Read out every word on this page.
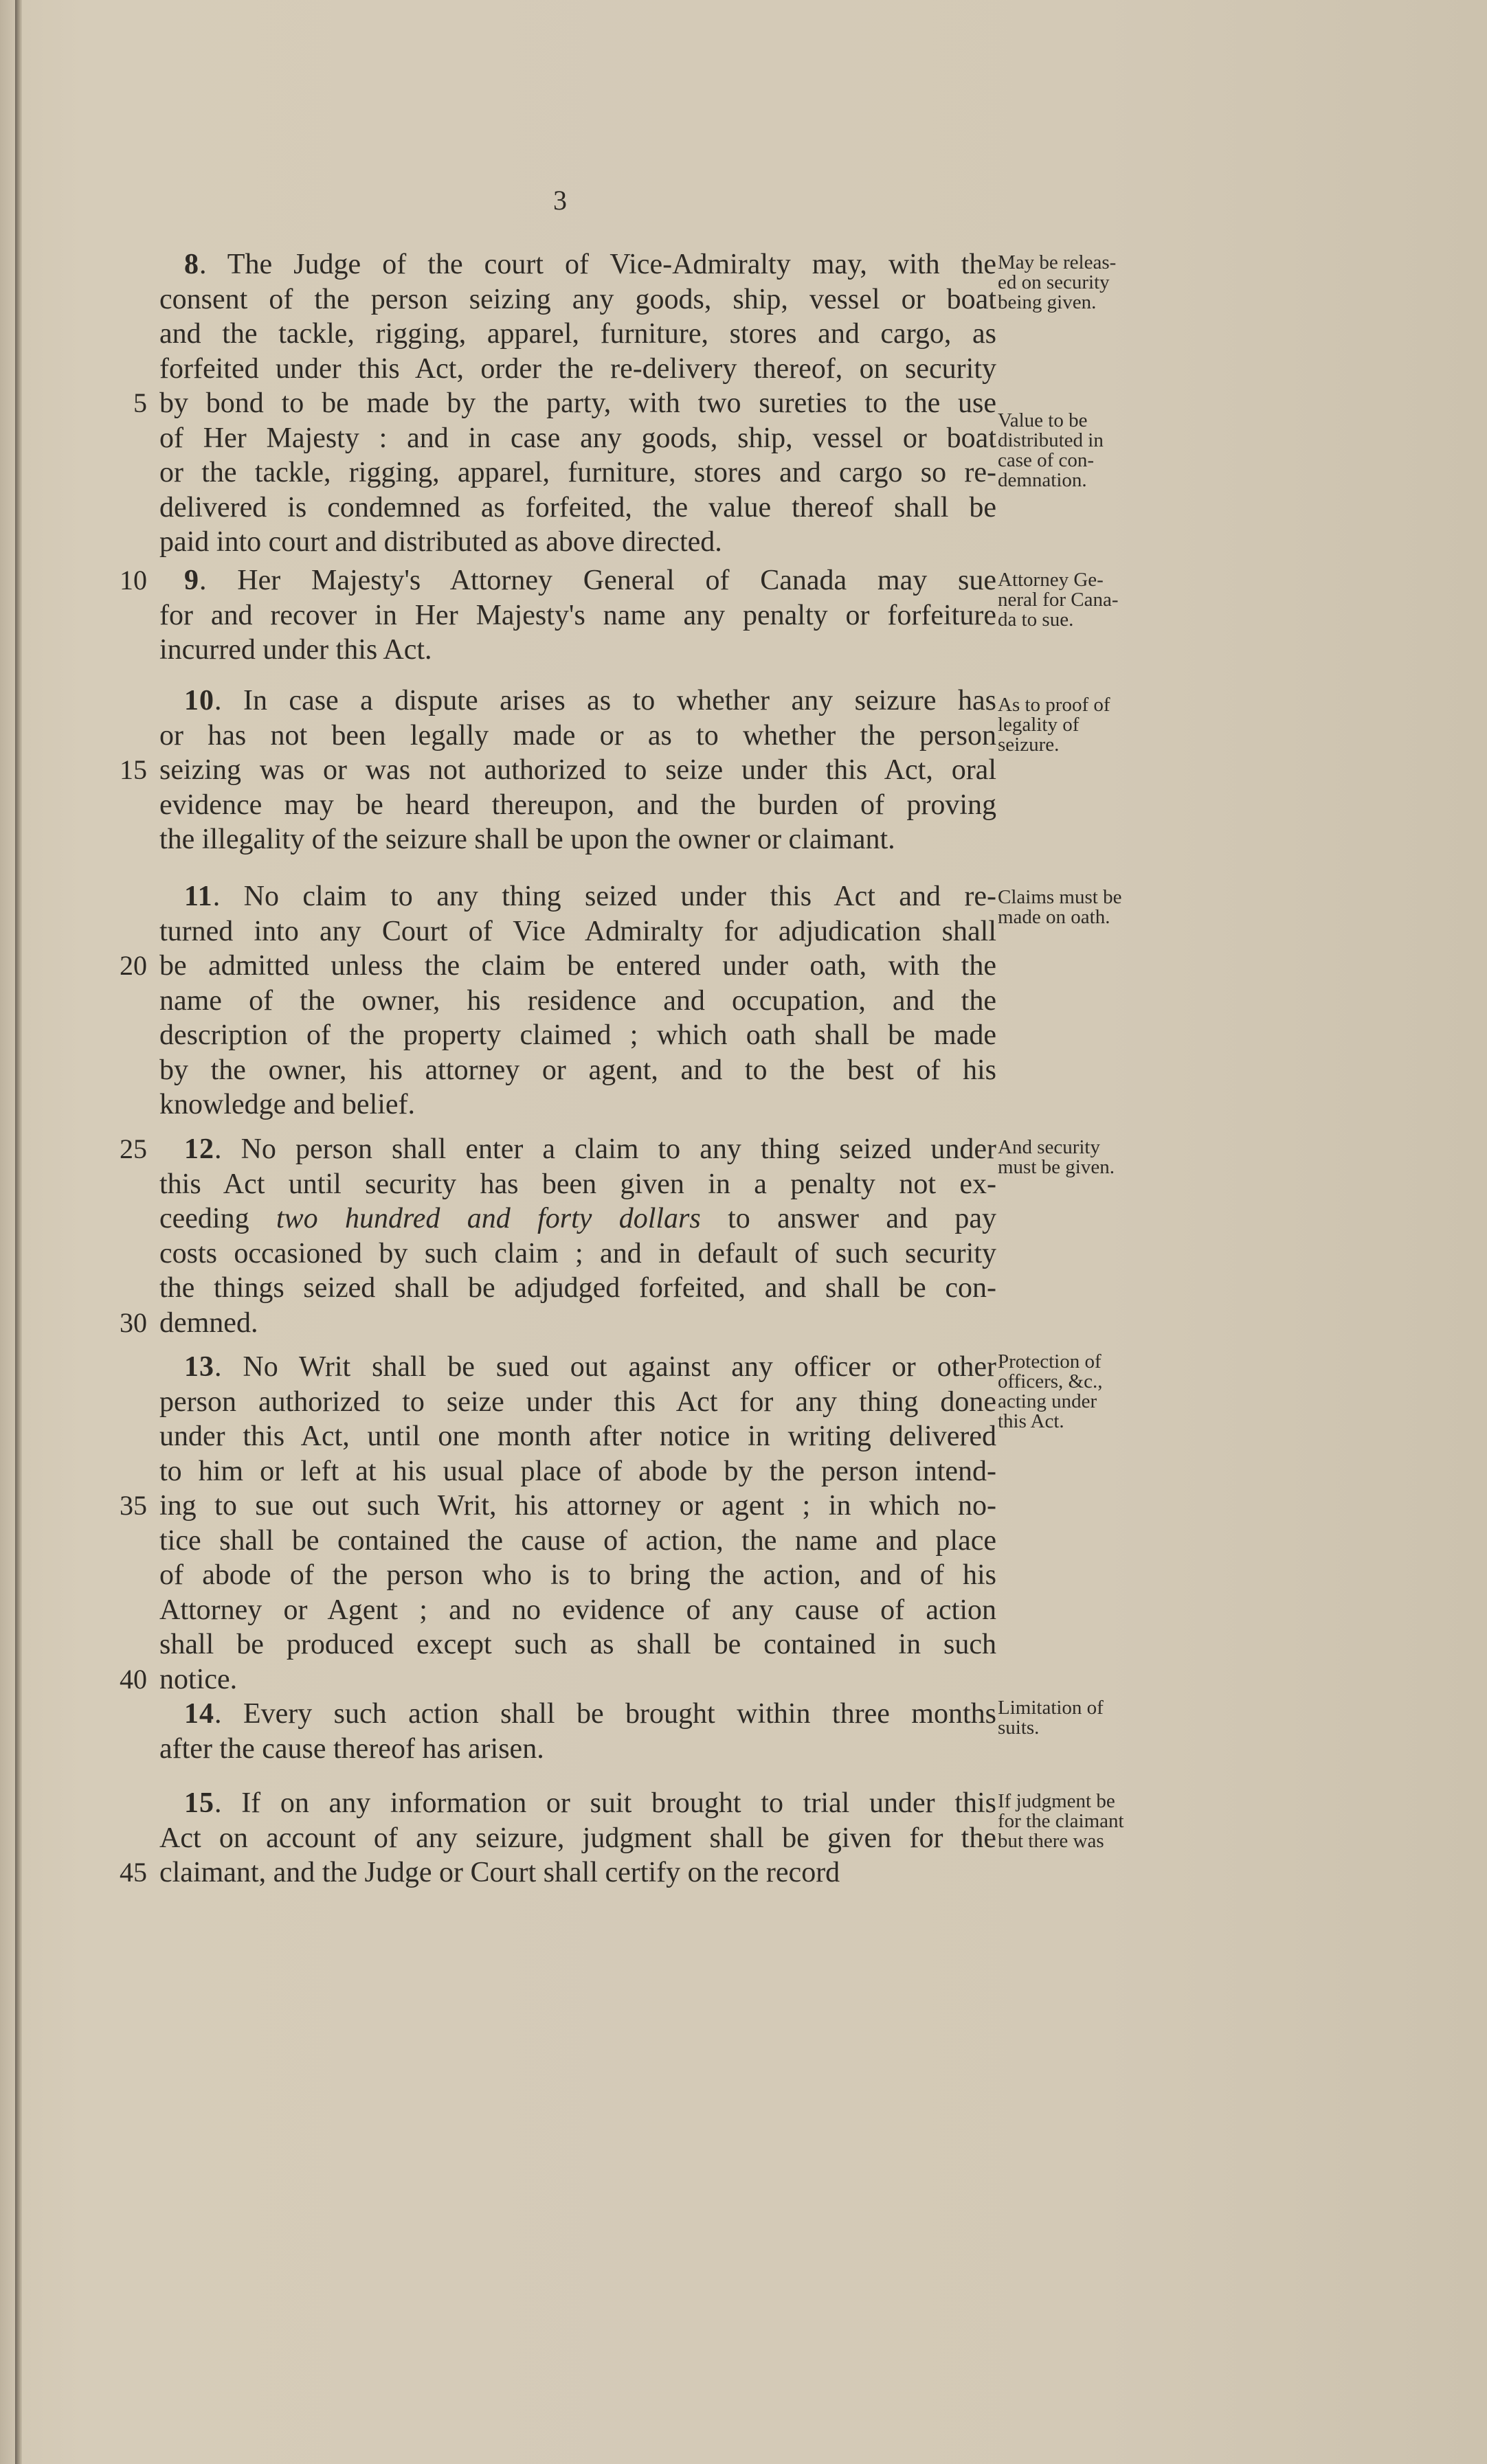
3
8. The Judge of the court of Vice-Admiralty may, with the
consent of the person seizing any goods, ship, vessel or boat
and the tackle, rigging, apparel, furniture, stores and cargo, as
forfeited under this Act, order the re-delivery thereof, on security
by bond to be made by the party, with two sureties to the use
5
of Her Majesty : and in case any goods, ship, vessel or boat
or the tackle, rigging, apparel, furniture, stores and cargo so re-
delivered is condemned as forfeited, the value thereof shall be
paid into court and distributed as above directed.
May be releas-
ed on security
being given.
Value to be
distributed in
case of con-
demnation.
9. Her Majesty's Attorney General of Canada may sue
10
for and recover in Her Majesty's name any penalty or forfeiture
incurred under this Act.
Attorney Ge-
neral for Cana-
da to sue.
10. In case a dispute arises as to whether any seizure has
or has not been legally made or as to whether the person
seizing was or was not authorized to seize under this Act, oral
15
evidence may be heard thereupon, and the burden of proving
the illegality of the seizure shall be upon the owner or claimant.
As to proof of
legality of
seizure.
11. No claim to any thing seized under this Act and re-
turned into any Court of Vice Admiralty for adjudication shall
be admitted unless the claim be entered under oath, with the
20
name of the owner, his residence and occupation, and the
description of the property claimed ; which oath shall be made
by the owner, his attorney or agent, and to the best of his
knowledge and belief.
Claims must be
made on oath.
12. No person shall enter a claim to any thing seized under
25
this Act until security has been given in a penalty not ex-
ceeding two hundred and forty dollars to answer and pay
costs occasioned by such claim ; and in default of such security
the things seized shall be adjudged forfeited, and shall be con-
demned.
30
And security
must be given.
13. No Writ shall be sued out against any officer or other
person authorized to seize under this Act for any thing done
under this Act, until one month after notice in writing delivered
to him or left at his usual place of abode by the person intend-
ing to sue out such Writ, his attorney or agent ; in which no-
35
tice shall be contained the cause of action, the name and place
of abode of the person who is to bring the action, and of his
Attorney or Agent ; and no evidence of any cause of action
shall be produced except such as shall be contained in such
notice.
40
Protection of
officers, &c.,
acting under
this Act.
14. Every such action shall be brought within three months
after the cause thereof has arisen.
Limitation of
suits.
15. If on any information or suit brought to trial under this
Act on account of any seizure, judgment shall be given for the
claimant, and the Judge or Court shall certify on the record
45
If judgment be
for the claimant
but there was
